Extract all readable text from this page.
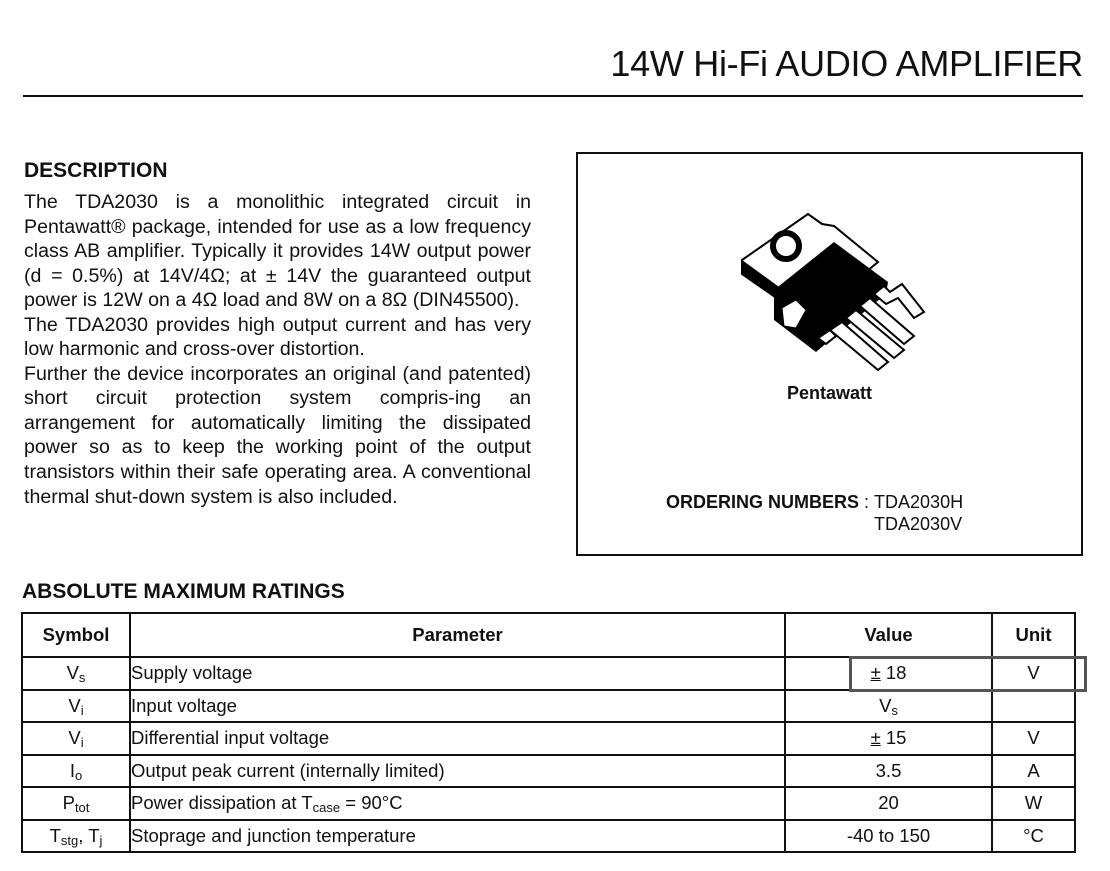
14W Hi-Fi AUDIO AMPLIFIER
DESCRIPTION

The TDA2030 is a monolithic integrated circuit in Pentawatt® package, intended for use as a low frequency class AB amplifier. Typically it provides 14W output power (d = 0.5%) at 14V/4Ω; at ± 14V the guaranteed output power is 12W on a 4Ω load and 8W on a 8Ω (DIN45500).

The TDA2030 provides high output current and has very low harmonic and cross-over distortion.

Further the device incorporates an original (and patented) short circuit protection system compris-ing an arrangement for automatically limiting the dissipated power so as to keep the working point of the output transistors within their safe operating area. A conventional thermal shut-down system is also included.

Pentawatt
ORDERING NUMBERS : TDA2030H
TDA2030V
ABSOLUTE MAXIMUM RATINGS
Symbol	Parameter	Value	Unit
$V_s$	Supply voltage	± 18	V
$V_i$	Input voltage	$V_s$	
$V_i$	Differential input voltage	± 15	V
$I_o$	Output peak current (internally limited)	3.5	A
$P_{tot}$	Power dissipation at $T_{case} = 90^\circ C$	20	W
$T_{stg}$, $T_j$	Stoprage and junction temperature	-40 to 150	°C
